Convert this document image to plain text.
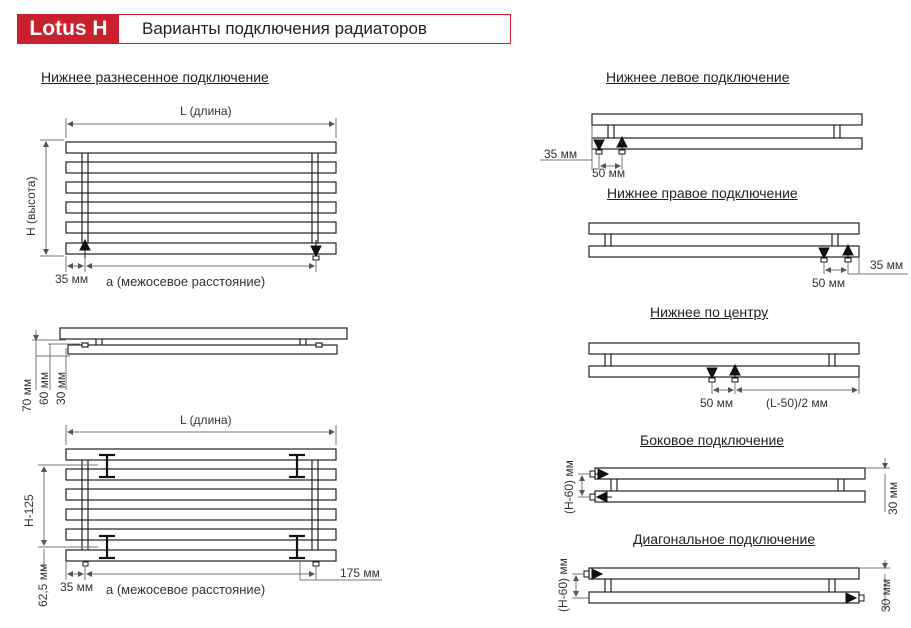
Lotus H	Варианты подключения радиаторов
Нижнее разнесенное подключение	Нижнее левое подключение
Нижнее правое подключение
Нижнее по центру
Боковое подключение
Диагональное подключение
L (длина)
H (высота)
35 мм а (межосевое расстояние)
70 мм 60 мм 30 мм
L (длина)
H-125
62,5 мм 35 мм а (межосевое расстояние)
175 мм
35 мм
50 мм
35 мм
50 мм
50 мм	(L-50)/2 мм
(H-60) мм	30 мм
(H-60) мм	30 мм
